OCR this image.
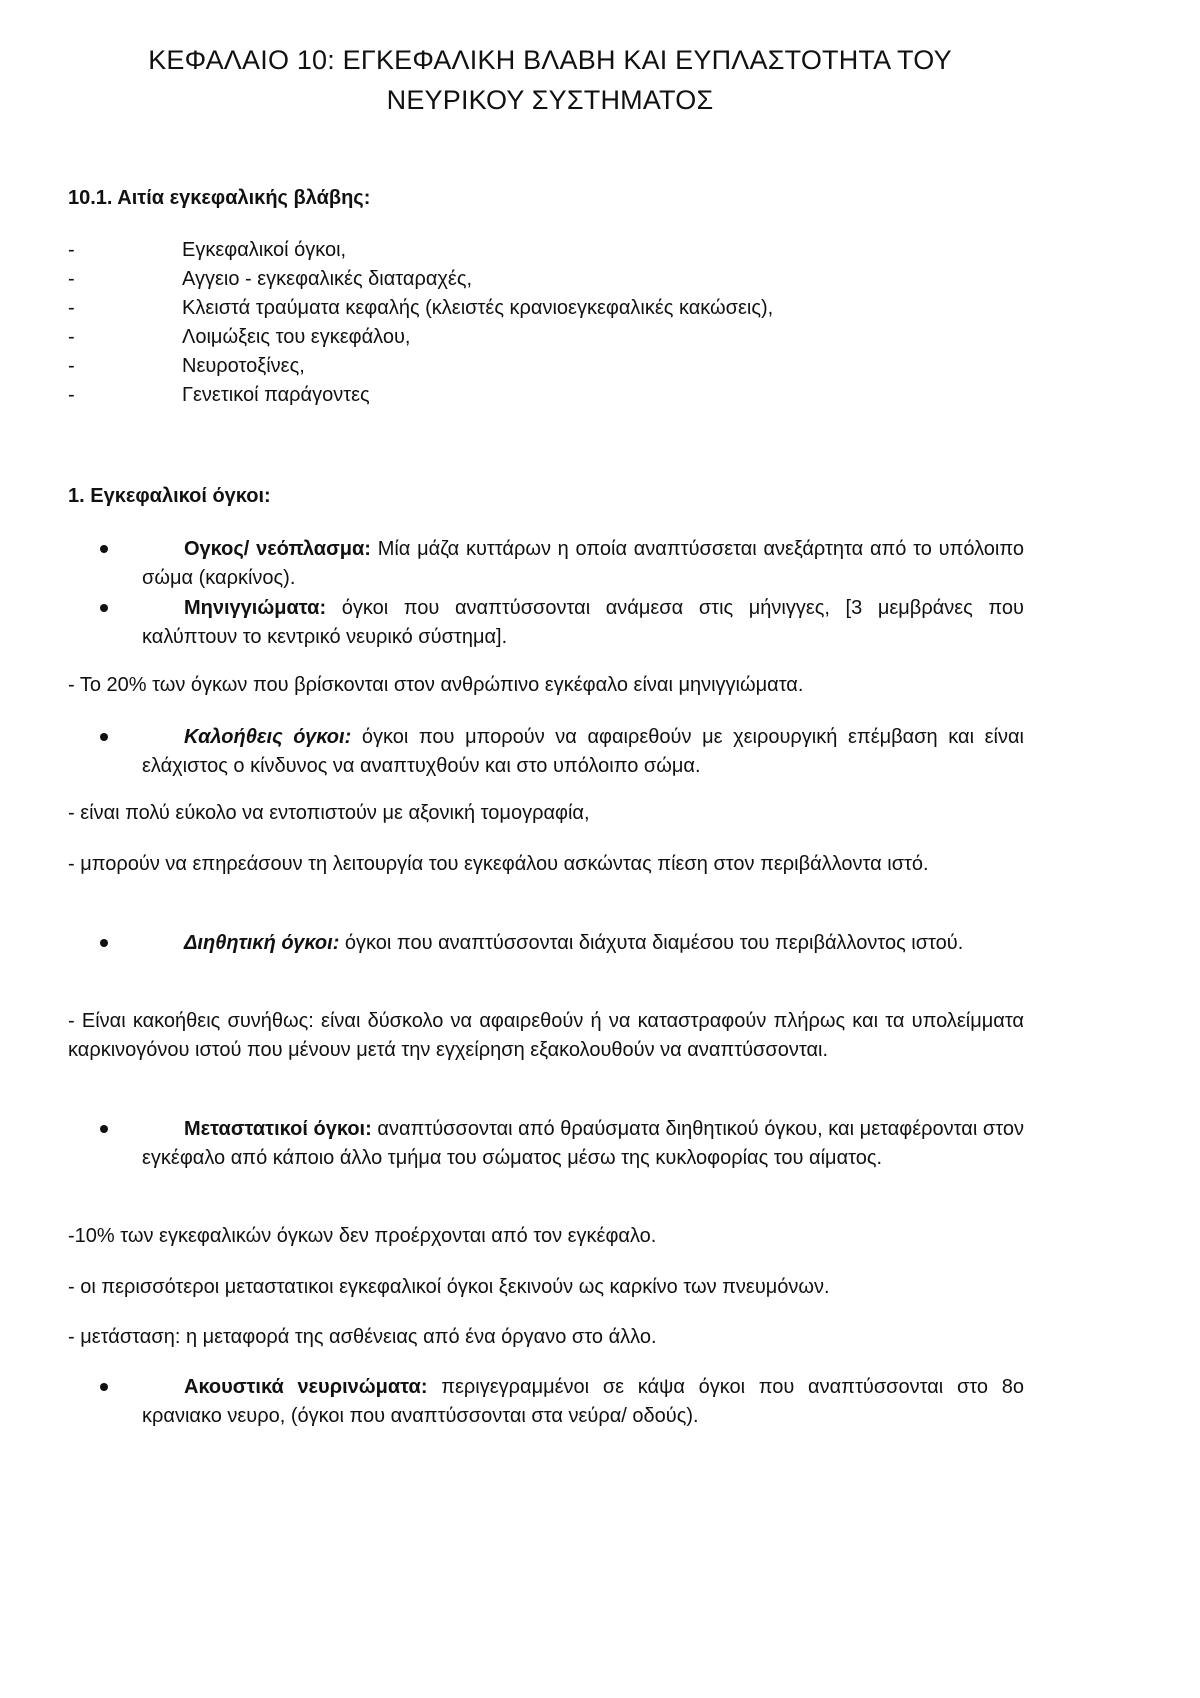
ΚΕΦΑΛΑΙΟ 10: ΕΓΚΕΦΑΛΙΚΗ ΒΛΑΒΗ ΚΑΙ ΕΥΠΛΑΣΤΟΤΗΤΑ ΤΟΥ
ΝΕΥΡΙΚΟΥ ΣΥΣΤΗΜΑΤΟΣ
10.1. Αιτία εγκεφαλικής βλάβης:
-	Εγκεφαλικοί όγκοι,
-	Αγγειο - εγκεφαλικές διαταραχές,
-	Κλειστά τραύματα κεφαλής (κλειστές κρανιοεγκεφαλικές κακώσεις),
-	Λοιμώξεις του εγκεφάλου,
-	Νευροτοξίνες,
-	Γενετικοί παράγοντες
1. Εγκεφαλικοί όγκοι:
Ογκος/ νεόπλασμα: Μία μάζα κυττάρων η οποία αναπτύσσεται ανεξάρτητα από το υπόλοιπο σώμα (καρκίνος).
Μηνιγγιώματα: όγκοι που αναπτύσσονται ανάμεσα στις μήνιγγες, [3 μεμβράνες που καλύπτουν το κεντρικό νευρικό σύστημα].
- Το 20% των όγκων που βρίσκονται στον ανθρώπινο εγκέφαλο είναι μηνιγγιώματα.
Καλοήθεις όγκοι: όγκοι που μπορούν να αφαιρεθούν με χειρουργική επέμβαση και είναι ελάχιστος ο κίνδυνος να αναπτυχθούν και στο υπόλοιπο σώμα.
- είναι πολύ εύκολο να εντοπιστούν με αξονική τομογραφία,
- μπορούν να επηρεάσουν τη λειτουργία του εγκεφάλου ασκώντας πίεση στον περιβάλλοντα ιστό.
Διηθητική όγκοι: όγκοι που αναπτύσσονται διάχυτα διαμέσου του περιβάλλοντος ιστού.
- Είναι κακοήθεις συνήθως: είναι δύσκολο να αφαιρεθούν ή να καταστραφούν πλήρως και τα υπολείμματα καρκινογόνου ιστού που μένουν μετά την εγχείρηση εξακολουθούν να αναπτύσσονται.
Μεταστατικοί όγκοι: αναπτύσσονται από θραύσματα διηθητικού όγκου, και μεταφέρονται στον εγκέφαλο από κάποιο άλλο τμήμα του σώματος μέσω της κυκλοφορίας του αίματος.
-10% των εγκεφαλικών όγκων δεν προέρχονται από τον εγκέφαλο.
- οι περισσότεροι μεταστατικοι εγκεφαλικοί όγκοι ξεκινούν ως καρκίνο των πνευμόνων.
- μετάσταση: η μεταφορά της ασθένειας από ένα όργανο στο άλλο.
Ακουστικά νευρινώματα: περιγεγραμμένοι σε κάψα όγκοι που αναπτύσσονται στο 8ο κρανιακο νευρο, (όγκοι που αναπτύσσονται στα νεύρα/ οδούς).
